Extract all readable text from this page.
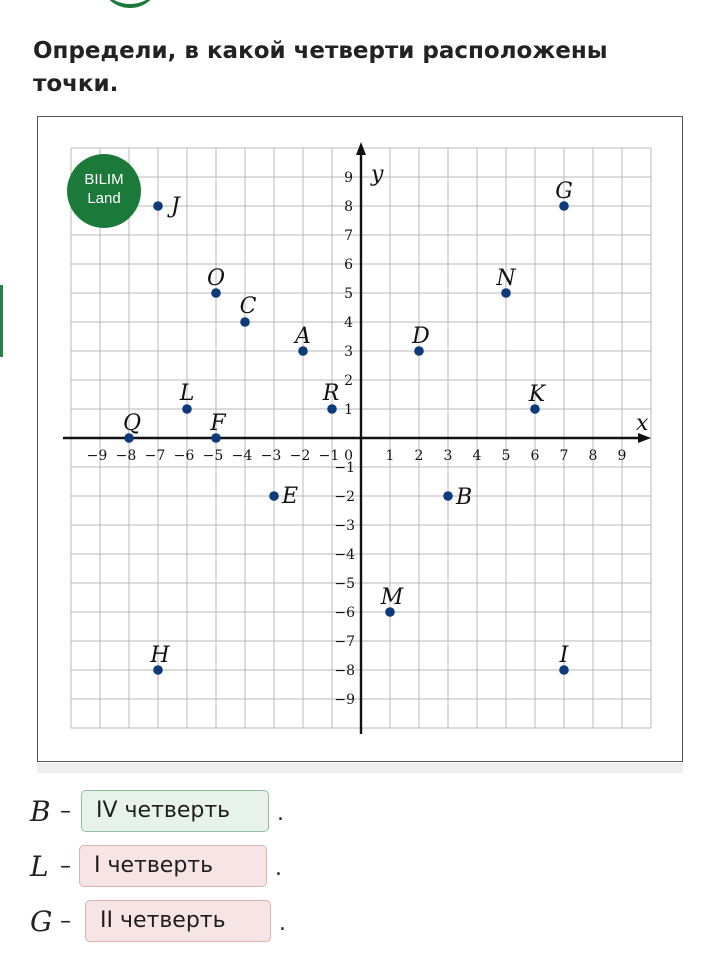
Определи, в какой четверти расположены точки.
x
y
−9 −8 −7 −6 −5 −4 −3 −2 −1	1 2 3 4 5 6 7 8 9
1
2
3
4
5
6
7
8
9
−1
−2
−3
−4
−5
−6
−7
−8
−9
0
J
G
O	N
C
A	D
L	R	K
Q	F
E	B
M
H	I
BILIM
Land
B –	IV четверть	.
L –	I четверть	.
G –	II четверть	.
